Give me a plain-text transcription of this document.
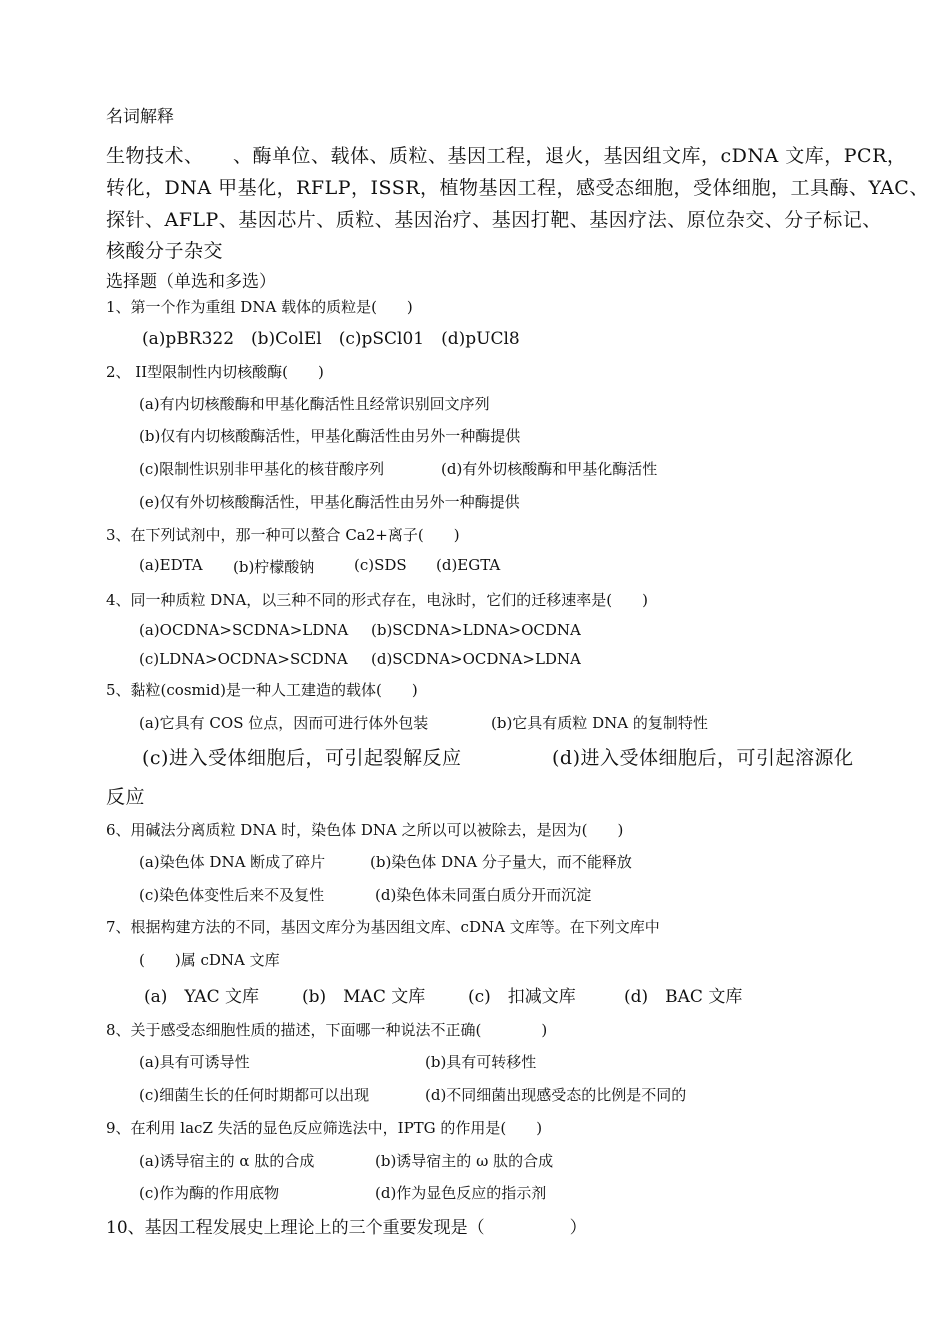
名词解释
生物技术、　　、酶单位、载体、质粒、基因工程，退火，基因组文库，cDNA 文库，PCR，
转化，DNA 甲基化，RFLP，ISSR，植物基因工程，感受态细胞，受体细胞，工具酶、YAC、
探针、AFLP、基因芯片、质粒、基因治疗、基因打靶、基因疗法、原位杂交、分子标记、
核酸分子杂交
选择题（单选和多选）
1、第一个作为重组 DNA 载体的质粒是(　　)
(a)pBR322　(b)ColEl　(c)pSCl01　(d)pUCl8
2、 II型限制性内切核酸酶(　　)
(a)有内切核酸酶和甲基化酶活性且经常识别回文序列
(b)仅有内切核酸酶活性，甲基化酶活性由另外一种酶提供
(c)限制性识别非甲基化的核苷酸序列	(d)有外切核酸酶和甲基化酶活性
(e)仅有外切核酸酶活性，甲基化酶活性由另外一种酶提供
3、在下列试剂中，那一种可以螯合 Ca2+离子(　　)
(a)EDTA (b)柠檬酸钠	(c)SDS (d)EGTA
4、同一种质粒 DNA，以三种不同的形式存在，电泳时，它们的迁移速率是(　　)
(a)OCDNA>SCDNA>LDNA (b)SCDNA>LDNA>OCDNA
(c)LDNA>OCDNA>SCDNA (d)SCDNA>OCDNA>LDNA
5、黏粒(cosmid)是一种人工建造的载体(　　)
(a)它具有 COS 位点，因而可进行体外包装	(b)它具有质粒 DNA 的复制特性
(c)进入受体细胞后，可引起裂解反应	(d)进入受体细胞后，可引起溶源化
反应
6、用碱法分离质粒 DNA 时，染色体 DNA 之所以可以被除去，是因为(　　)
(a)染色体 DNA 断成了碎片	(b)染色体 DNA 分子量大，而不能释放
(c)染色体变性后来不及复性	(d)染色体未同蛋白质分开而沉淀
7、根据构建方法的不同，基因文库分为基因组文库、cDNA 文库等。在下列文库中
(　　)属 cDNA 文库
(a)　YAC 文库	(b)　MAC 文库	(c)　扣减文库	(d)　BAC 文库
8、关于感受态细胞性质的描述，下面哪一种说法不正确(　　　　)
(a)具有可诱导性	(b)具有可转移性
(c)细菌生长的任何时期都可以出现	(d)不同细菌出现感受态的比例是不同的
9、在利用 lacZ 失活的显色反应筛选法中，IPTG 的作用是(　　)
(a)诱导宿主的 α 肽的合成	(b)诱导宿主的 ω 肽的合成
(c)作为酶的作用底物	(d)作为显色反应的指示剂
10、基因工程发展史上理论上的三个重要发现是（　　　　　）
